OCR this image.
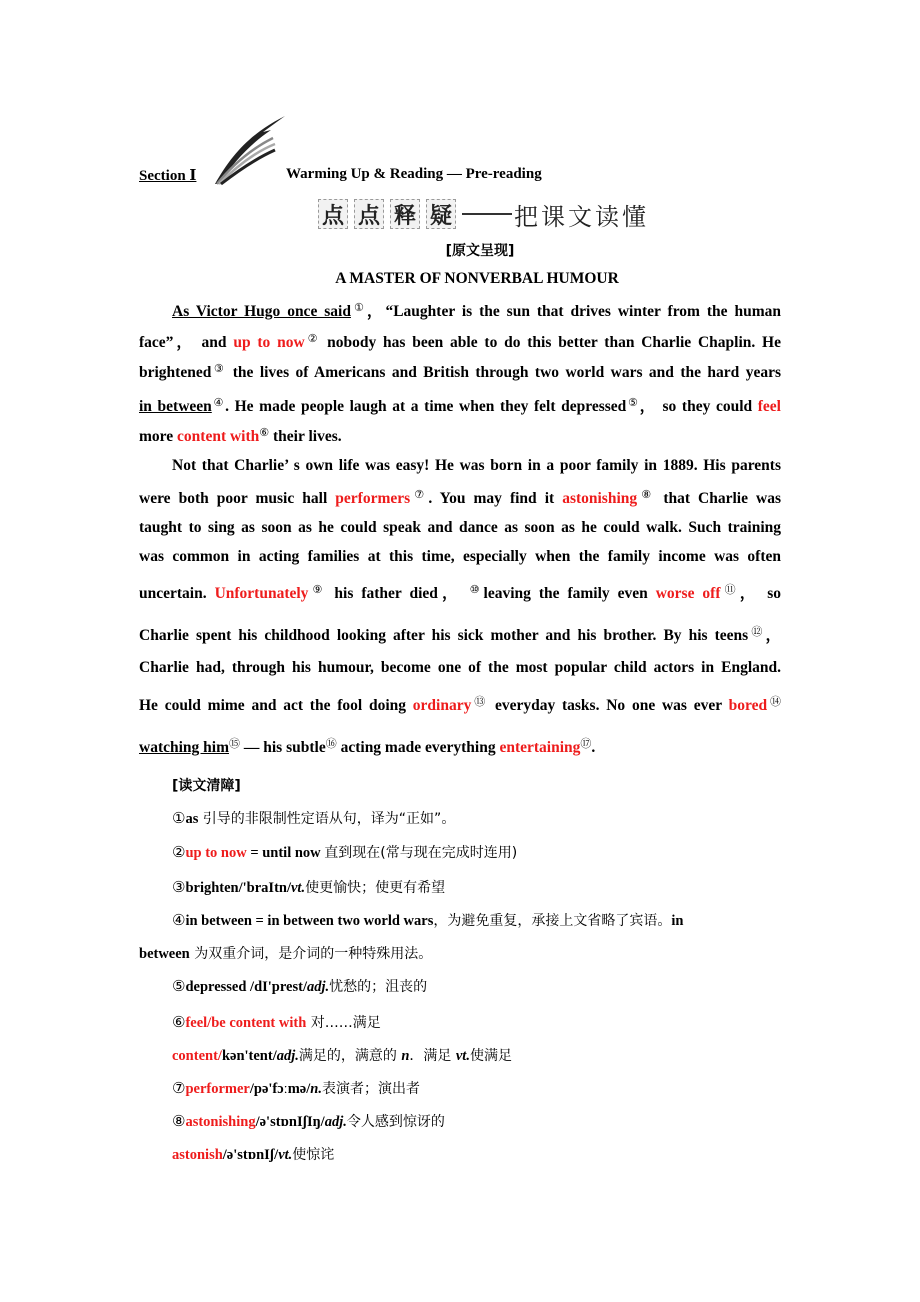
Section Ⅰ	Warming Up & Reading — Pre-reading
点 点 释 疑	把课文读懂
[原文呈现]
A MASTER OF NONVERBAL HUMOUR
As Victor Hugo once said①，“Laughter is the sun that drives winter from the human
face”， and up to now② nobody has been able to do this better than Charlie Chaplin. He
brightened③ the lives of Americans and British through two world wars and the hard years
in between④. He made people laugh at a time when they felt depressed⑤， so they could feel
more content with⑥ their lives.
Not that Charlie’ s own life was easy! He was born in a poor family in 1889. His parents
were both poor music hall performers⑦. You may find it astonishing⑧ that Charlie was
taught to sing as soon as he could speak and dance as soon as he could walk. Such training
was common in acting families at this time, especially when the family income was often
uncertain. Unfortunately⑨ his father died， ⑩leaving the family even worse off⑪， so
Charlie spent his childhood looking after his sick mother and his brother. By his teens⑫，
Charlie had, through his humour, become one of the most popular child actors in England.
He could mime and act the fool doing ordinary⑬ everyday tasks. No one was ever bored⑭
watching him⑮ — his subtle⑯ acting made everything entertaining⑰.
[读文清障]
①as 引导的非限制性定语从句，译为“正如”。
②up to now = until now 直到现在(常与现在完成时连用)
③brighten/'braItn/vt.使更愉快；使更有希望
④in between = in between two world wars，为避免重复，承接上文省略了宾语。in
between 为双重介词，是介词的一种特殊用法。
⑤depressed /dI'prest/adj.忧愁的；沮丧的
⑥feel/be content with 对……满足
content/kən'tent/adj.满足的，满意的 n．满足 vt.使满足
⑦performer/pə'fɔːmə/n.表演者；演出者
⑧astonishing/ə'stɒnIʃIŋ/adj.令人感到惊讶的
astonish/ə'stɒnIʃ/vt.使惊诧
